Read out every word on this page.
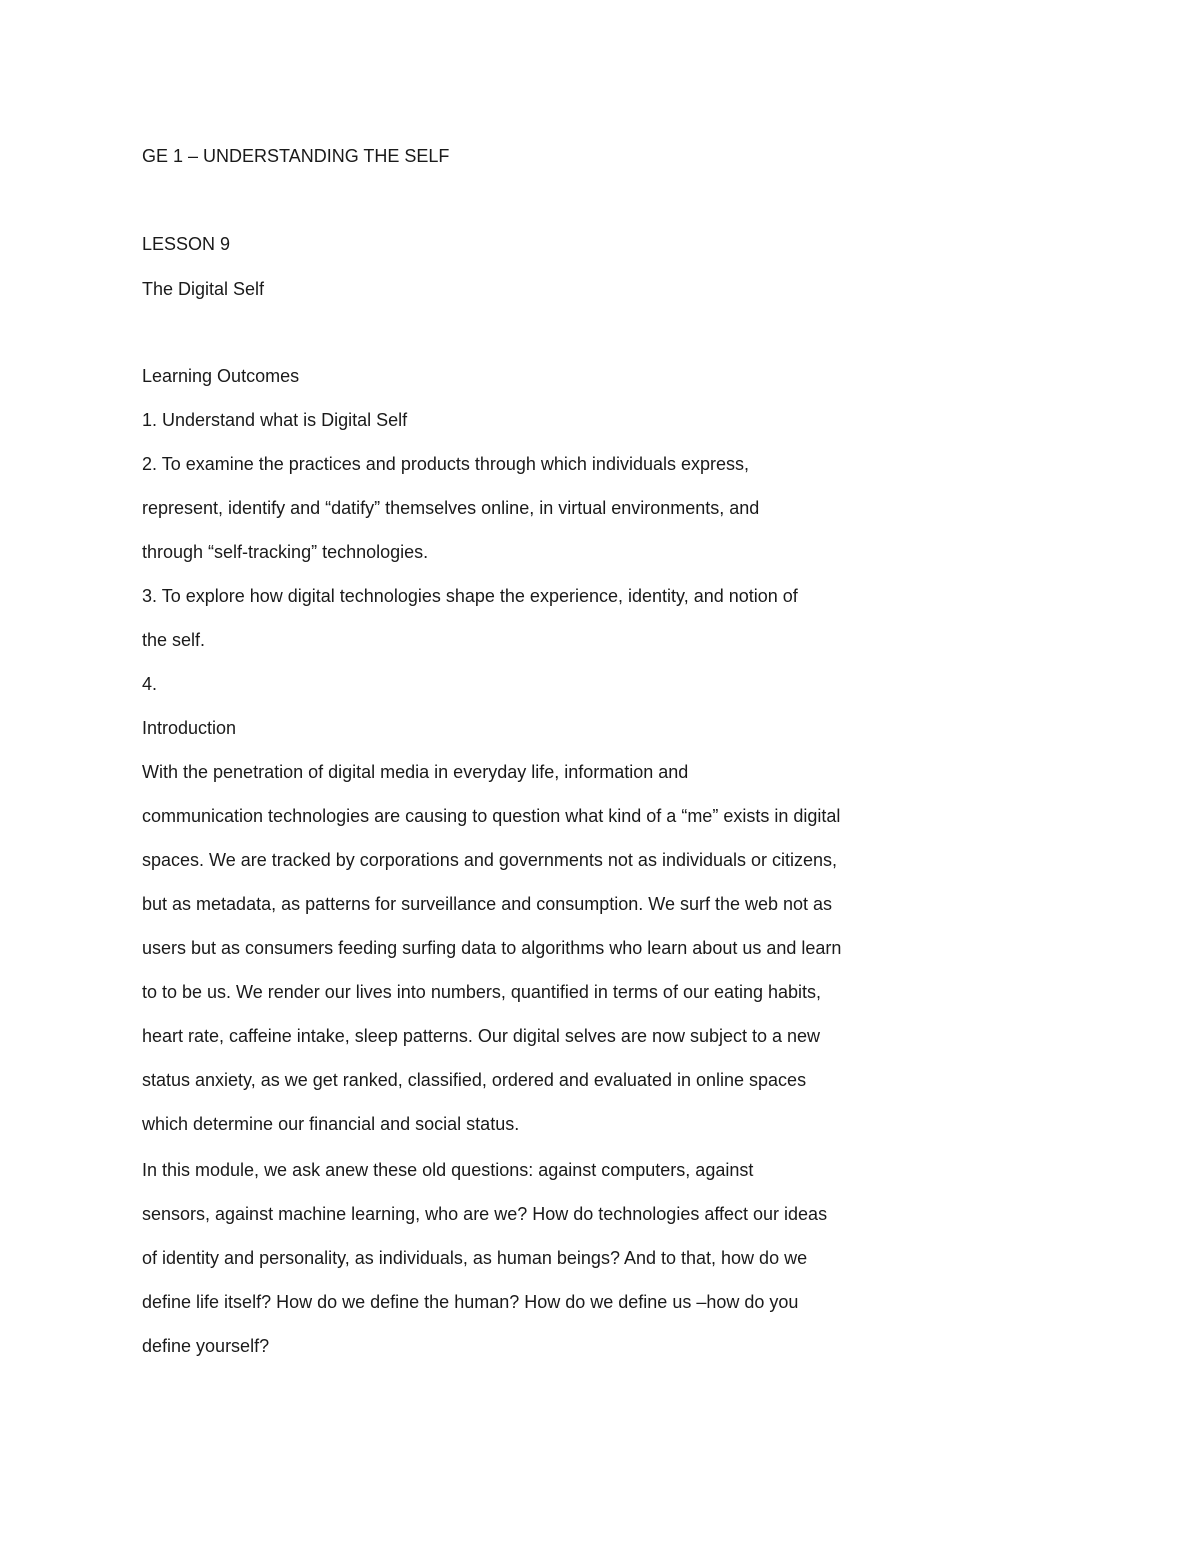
GE 1 – UNDERSTANDING THE SELF
LESSON 9
The Digital Self
Learning Outcomes
1. Understand what is Digital Self
2. To examine the practices and products through which individuals express,
represent, identify and “datify” themselves online, in virtual environments, and
through “self-tracking” technologies.
3. To explore how digital technologies shape the experience, identity, and notion of
the self.
4.
Introduction
With the penetration of digital media in everyday life, information and
communication technologies are causing to question what kind of a “me” exists in digital
spaces. We are tracked by corporations and governments not as individuals or citizens,
but as metadata, as patterns for surveillance and consumption. We surf the web not as
users but as consumers feeding surfing data to algorithms who learn about us and learn
to to be us. We render our lives into numbers, quantified in terms of our eating habits,
heart rate, caffeine intake, sleep patterns. Our digital selves are now subject to a new
status anxiety, as we get ranked, classified, ordered and evaluated in online spaces
which determine our financial and social status.
In this module, we ask anew these old questions: against computers, against
sensors, against machine learning, who are we? How do technologies affect our ideas
of identity and personality, as individuals, as human beings? And to that, how do we
define life itself? How do we define the human? How do we define us –how do you
define yourself?
